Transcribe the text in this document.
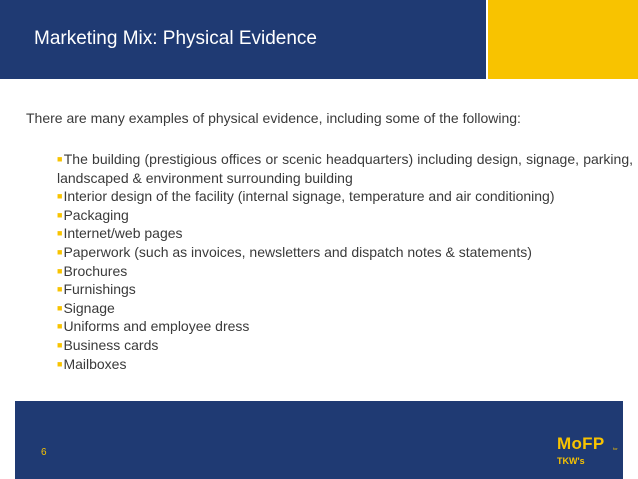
Marketing Mix: Physical Evidence
There are many examples of physical evidence, including some of the following:
■The building (prestigious offices or scenic headquarters) including design, signage, parking, landscaped & environment surrounding building
■Interior design of the facility (internal signage, temperature and air conditioning)
■Packaging
■Internet/web pages
■Paperwork (such as invoices, newsletters and dispatch notes & statements)
■Brochures
■Furnishings
■Signage
■Uniforms and employee dress
■Business cards
■Mailboxes
6	MoFP for
TKW's
